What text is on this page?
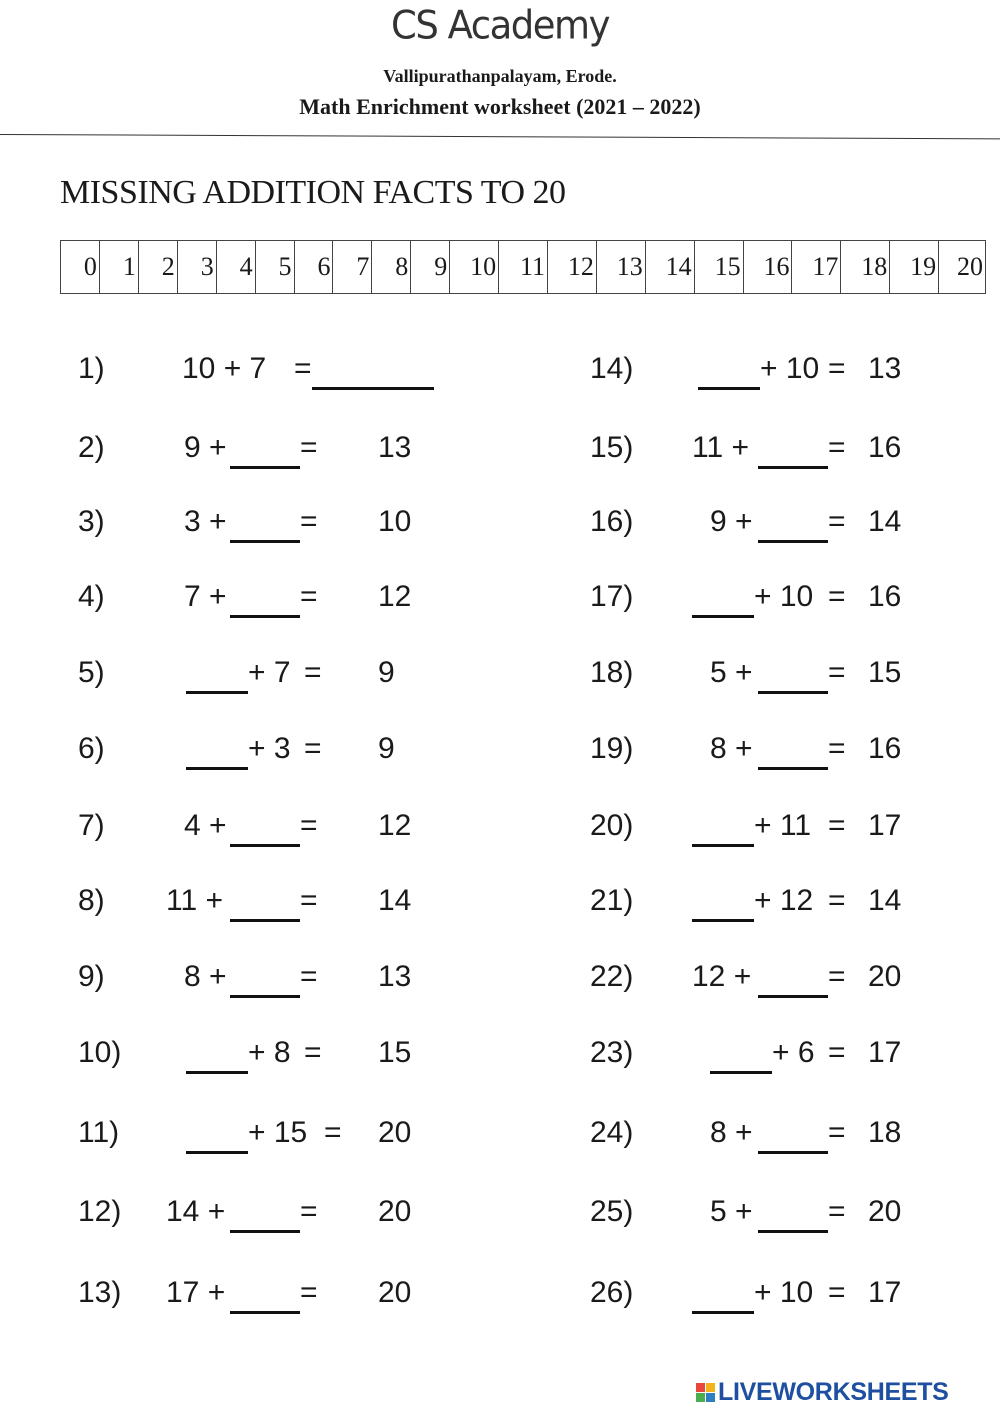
CS Academy
Vallipurathanpalayam, Erode.
Math Enrichment worksheet (2021 – 2022)
MISSING ADDITION FACTS TO 20
0 1 2 3 4 5 6 7 8 9 10 11 12 13 14 15 16 17 18 19 20
1)	10 + 7 =
2)	9 + = 13
3)	3 + = 10
4)	7 + = 12
5)	+ 7 = 9
6)	+ 3 = 9
7)	4 + = 12
8) 11 +	= 14
9)	8 + = 13
10)	+ 8 = 15
11)	+ 15 = 20
12) 14 + = 20
13) 17 + = 20
14)	+ 10 = 13
15) 11 +	= 16
16)	9 +	= 14
17)	+ 10 = 16
18)	5 +	= 15
19)	8 +	= 16
20)	+ 11 = 17
21)	+ 12 = 14
22) 12 +	= 20
23)	+ 6 = 17
24)	8 +	= 18
25)	5 +	= 20
26)	+ 10 = 17
LIVEWORKSHEETS
